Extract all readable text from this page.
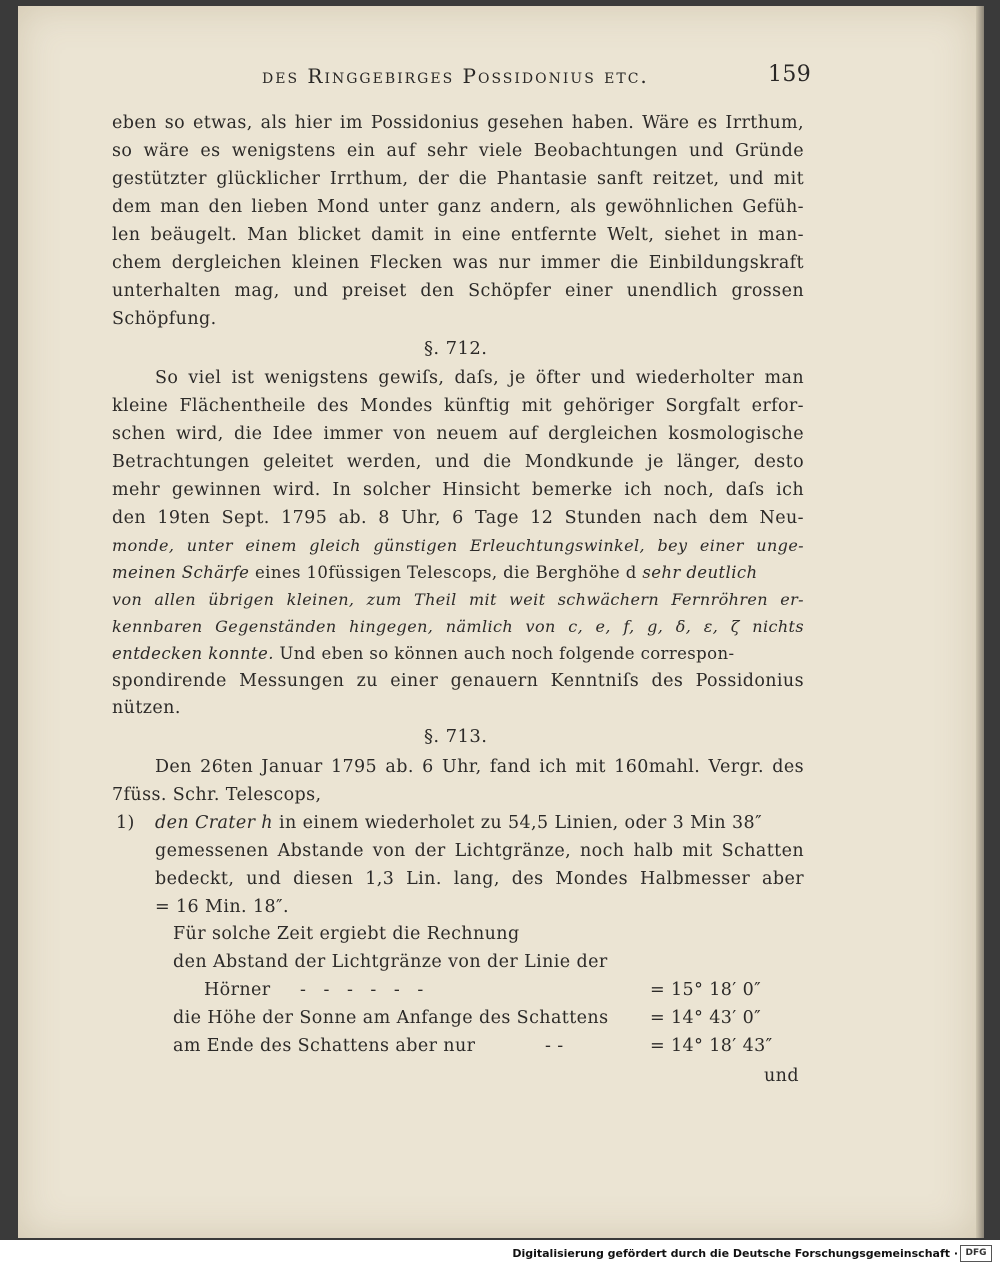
des Ringgebirges Possidonius etc.	159
eben so etwas, als hier im Possidonius gesehen haben. Wäre es Irrthum,
so wäre es wenigstens ein auf sehr viele Beobachtungen und Gründe
gestützter glücklicher Irrthum, der die Phantasie sanft reitzet, und mit
dem man den lieben Mond unter ganz andern, als gewöhnlichen Gefüh-
len beäugelt. Man blicket damit in eine entfernte Welt, siehet in man-
chem dergleichen kleinen Flecken was nur immer die Einbildungskraft
unterhalten mag, und preiset den Schöpfer einer unendlich grossen
Schöpfung.
§. 712.
So viel ist wenigstens gewiſs, daſs, je öfter und wiederholter man
kleine Flächentheile des Mondes künftig mit gehöriger Sorgfalt erfor-
schen wird, die Idee immer von neuem auf dergleichen kosmologische
Betrachtungen geleitet werden, und die Mondkunde je länger, desto
mehr gewinnen wird. In solcher Hinsicht bemerke ich noch, daſs ich
den 19ten Sept. 1795 ab. 8 Uhr, 6 Tage 12 Stunden nach dem Neu-
monde, unter einem gleich günstigen Erleuchtungswinkel, bey einer unge-
meinen Schärfe eines 10füssigen Telescops, die Berghöhe d sehr deutlich
von allen übrigen kleinen, zum Theil mit weit schwächern Fernröhren er-
kennbaren Gegenständen hingegen, nämlich von c, e, f, g, δ, ε, ζ nichts
entdecken konnte. Und eben so können auch noch folgende correspon-
spondirende Messungen zu einer genauern Kenntniſs des Possidonius
nützen.
§. 713.
Den 26ten Januar 1795 ab. 6 Uhr, fand ich mit 160mahl. Vergr. des
7füss. Schr. Telescops,
1) den Crater h in einem wiederholet zu 54,5 Linien, oder 3 Min 38″
gemessenen Abstande von der Lichtgränze, noch halb mit Schatten
bedeckt, und diesen 1,3 Lin. lang, des Mondes Halbmesser aber
= 16 Min. 18″.
Für solche Zeit ergiebt die Rechnung
den Abstand der Lichtgränze von der Linie der
Hörner - - - - - -	= 15° 18′ 0″
die Höhe der Sonne am Anfange des Schattens = 14° 43′ 0″
am Ende des Schattens aber nur	- -	= 14° 18′ 43″
und
Digitalisierung gefördert durch die Deutsche Forschungsgemeinschaft · DFG
